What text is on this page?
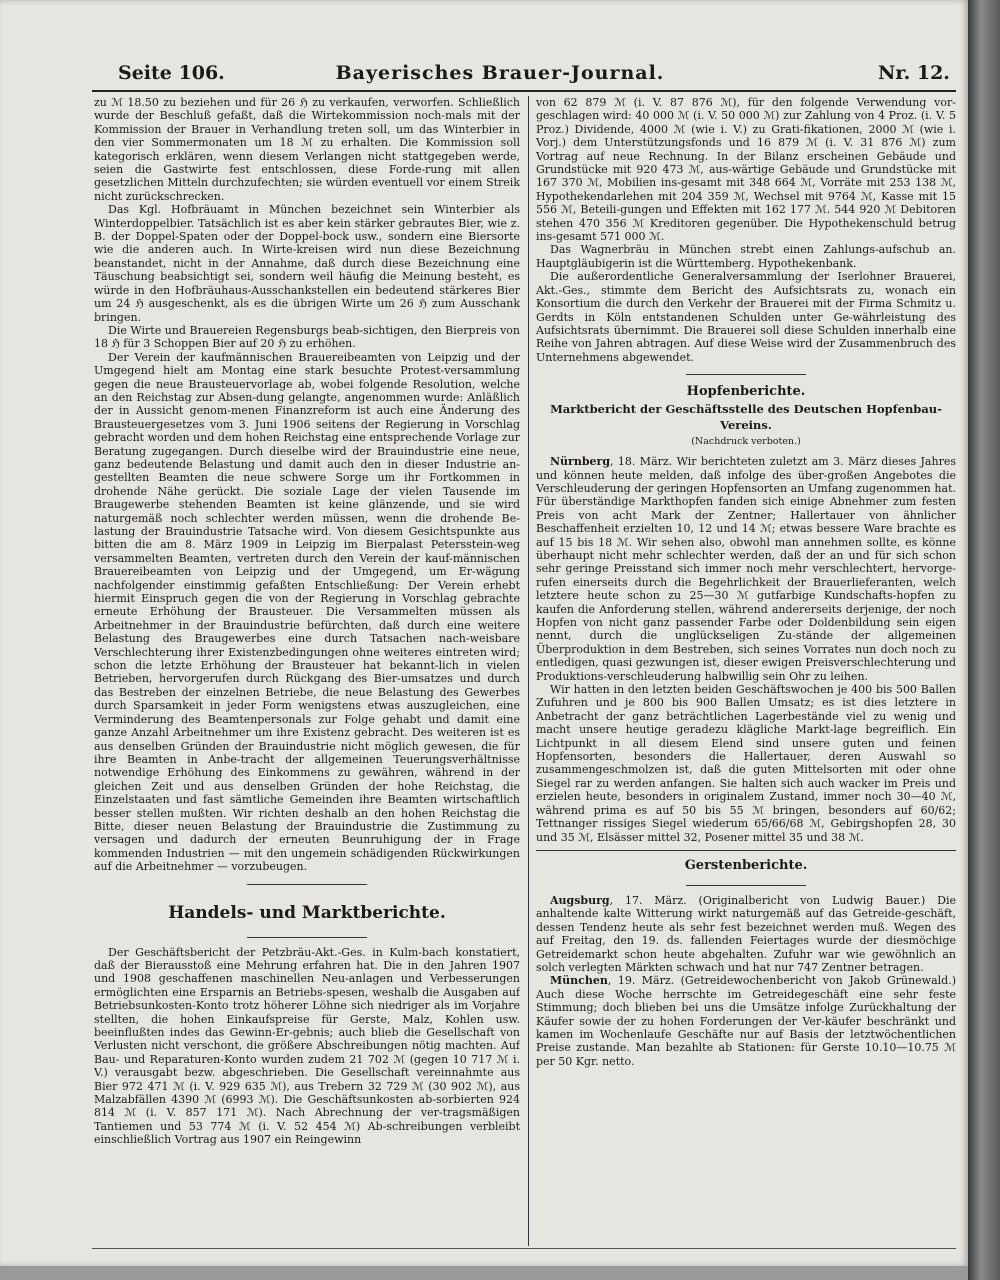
Seite 106.	Bayerisches Brauer-Journal.	Nr. 12.

zu ℳ 18.50 zu beziehen und für 26 ℌ zu verkaufen, verworfen. Schließlich wurde der Beschluß gefaßt, daß die Wirtekommission noch-mals mit der Kommission der Brauer in Verhandlung treten soll, um das Winterbier in den vier Sommermonaten um 18 ℳ zu erhalten. Die Kommission soll kategorisch erklären, wenn diesem Verlangen nicht stattgegeben werde, seien die Gastwirte fest entschlossen, diese Forde-rung mit allen gesetzlichen Mitteln durchzufechten; sie würden eventuell vor einem Streik nicht zurückschrecken.

Das Kgl. Hofbräuamt in München bezeichnet sein Winterbier als Winterdoppelbier. Tatsächlich ist es aber kein stärker gebrautes Bier, wie z. B. der Doppel-Spaten oder der Doppel-bock usw., sondern eine Biersorte wie die anderen auch. In Wirte-kreisen wird nun diese Bezeichnung beanstandet, nicht in der Annahme, daß durch diese Bezeichnung eine Täuschung beabsichtigt sei, sondern weil häufig die Meinung besteht, es würde in den Hofbräuhaus-Ausschankstellen ein bedeutend stärkeres Bier um 24 ℌ ausgeschenkt, als es die übrigen Wirte um 26 ℌ zum Ausschank bringen.

Die Wirte und Brauereien Regensburgs beab-sichtigen, den Bierpreis von 18 ℌ für 3 Schoppen Bier auf 20 ℌ zu erhöhen.

Der Verein der kaufmännischen Brauereibeamten von Leipzig und der Umgegend hielt am Montag eine stark besuchte Protest-versammlung gegen die neue Brausteuervorlage ab, wobei folgende Resolution, welche an den Reichstag zur Absen-dung gelangte, angenommen wurde: Anläßlich der in Aussicht genom-menen Finanzreform ist auch eine Änderung des Brausteuergesetzes vom 3. Juni 1906 seitens der Regierung in Vorschlag gebracht worden und dem hohen Reichstag eine entsprechende Vorlage zur Beratung zugegangen. Durch dieselbe wird der Brauindustrie eine neue, ganz bedeutende Belastung und damit auch den in dieser Industrie an-gestellten Beamten die neue schwere Sorge um ihr Fortkommen in drohende Nähe gerückt. Die soziale Lage der vielen Tausende im Braugewerbe stehenden Beamten ist keine glänzende, und sie wird naturgemäß noch schlechter werden müssen, wenn die drohende Be-lastung der Brauindustrie Tatsache wird. Von diesem Gesichtspunkte aus bitten die am 8. März 1909 in Leipzig im Bierpalast Petersstein-weg versammelten Beamten, vertreten durch den Verein der kauf-männischen Brauereibeamten von Leipzig und der Umgegend, um Er-wägung nachfolgender einstimmig gefaßten Entschließung: Der Verein erhebt hiermit Einspruch gegen die von der Regierung in Vorschlag gebrachte erneute Erhöhung der Brausteuer. Die Versammelten müssen als Arbeitnehmer in der Brauindustrie befürchten, daß durch eine weitere Belastung des Braugewerbes eine durch Tatsachen nach-weisbare Verschlechterung ihrer Existenzbedingungen ohne weiteres eintreten wird; schon die letzte Erhöhung der Brausteuer hat bekannt-lich in vielen Betrieben, hervorgerufen durch Rückgang des Bier-umsatzes und durch das Bestreben der einzelnen Betriebe, die neue Belastung des Gewerbes durch Sparsamkeit in jeder Form wenigstens etwas auszugleichen, eine Verminderung des Beamtenpersonals zur Folge gehabt und damit eine ganze Anzahl Arbeitnehmer um ihre Existenz gebracht. Des weiteren ist es aus denselben Gründen der Brauindustrie nicht möglich gewesen, die für ihre Beamten in Anbe-tracht der allgemeinen Teuerungsverhältnisse notwendige Erhöhung des Einkommens zu gewähren, während in der gleichen Zeit und aus denselben Gründen der hohe Reichstag, die Einzelstaaten und fast sämtliche Gemeinden ihre Beamten wirtschaftlich besser stellen mußten. Wir richten deshalb an den hohen Reichstag die Bitte, dieser neuen Belastung der Brauindustrie die Zustimmung zu versagen und dadurch der erneuten Beunruhigung der in Frage kommenden Industrien — mit den ungemein schädigenden Rückwirkungen auf die Arbeitnehmer — vorzubeugen.

Handels- und Marktberichte.

Der Geschäftsbericht der Petzbräu-Akt.-Ges. in Kulm-bach konstatiert, daß der Bierausstoß eine Mehrung erfahren hat. Die in den Jahren 1907 und 1908 geschaffenen maschinellen Neu-anlagen und Verbesserungen ermöglichten eine Ersparnis an Betriebs-spesen, weshalb die Ausgaben auf Betriebsunkosten-Konto trotz höherer Löhne sich niedriger als im Vorjahre stellten, die hohen Einkaufspreise für Gerste, Malz, Kohlen usw. beeinflußten indes das Gewinn-Er-gebnis; auch blieb die Gesellschaft von Verlusten nicht verschont, die größere Abschreibungen nötig machten. Auf Bau- und Reparaturen-Konto wurden zudem 21 702 ℳ (gegen 10 717 ℳ i. V.) verausgabt bezw. abgeschrieben. Die Gesellschaft vereinnahmte aus Bier 972 471 ℳ (i. V. 929 635 ℳ), aus Trebern 32 729 ℳ (30 902 ℳ), aus Malzabfällen 4390 ℳ (6993 ℳ). Die Geschäftsunkosten ab-sorbierten 924 814 ℳ (i. V. 857 171 ℳ). Nach Abrechnung der ver-tragsmäßigen Tantiemen und 53 774 ℳ (i. V. 52 454 ℳ) Ab-schreibungen verbleibt einschließlich Vortrag aus 1907 ein Reingewinn

von 62 879 ℳ (i. V. 87 876 ℳ), für den folgende Verwendung vor-geschlagen wird: 40 000 ℳ (i. V. 50 000 ℳ) zur Zahlung von 4 Proz. (i. V. 5 Proz.) Dividende, 4000 ℳ (wie i. V.) zu Grati-fikationen, 2000 ℳ (wie i. Vorj.) dem Unterstützungsfonds und 16 879 ℳ (i. V. 31 876 ℳ) zum Vortrag auf neue Rechnung. In der Bilanz erscheinen Gebäude und Grundstücke mit 920 473 ℳ, aus-wärtige Gebäude und Grundstücke mit 167 370 ℳ, Mobilien ins-gesamt mit 348 664 ℳ, Vorräte mit 253 138 ℳ, Hypothekendarlehen mit 204 359 ℳ, Wechsel mit 9764 ℳ, Kasse mit 15 556 ℳ, Beteili-gungen und Effekten mit 162 177 ℳ. 544 920 ℳ Debitoren stehen 470 356 ℳ Kreditoren gegenüber. Die Hypothekenschuld betrug ins-gesamt 571 000 ℳ.

Das Wagnerbräu in München strebt einen Zahlungs-aufschub an. Hauptgläubigerin ist die Württemberg. Hypothekenbank.

Die außerordentliche Generalversammlung der Iserlohner Brauerei, Akt.-Ges., stimmte dem Bericht des Aufsichtsrats zu, wonach ein Konsortium die durch den Verkehr der Brauerei mit der Firma Schmitz u. Gerdts in Köln entstandenen Schulden unter Ge-währleistung des Aufsichtsrats übernimmt. Die Brauerei soll diese Schulden innerhalb eine Reihe von Jahren abtragen. Auf diese Weise wird der Zusammenbruch des Unternehmens abgewendet.

Hopfenberichte.
Marktbericht der Geschäftsstelle des Deutschen Hopfenbau-Vereins.
(Nachdruck verboten.)

Nürnberg, 18. März. Wir berichteten zuletzt am 3. März dieses Jahres und können heute melden, daß infolge des über-großen Angebotes die Verschleuderung der geringen Hopfensorten an Umfang zugenommen hat. Für überständige Markthopfen fanden sich einige Abnehmer zum festen Preis von acht Mark der Zentner; Hallertauer von ähnlicher Beschaffenheit erzielten 10, 12 und 14 ℳ; etwas bessere Ware brachte es auf 15 bis 18 ℳ. Wir sehen also, obwohl man annehmen sollte, es könne überhaupt nicht mehr schlechter werden, daß der an und für sich schon sehr geringe Preisstand sich immer noch mehr verschlechtert, hervorge-rufen einerseits durch die Begehrlichkeit der Brauerlieferanten, welch letztere heute schon zu 25—30 ℳ gutfarbige Kundschafts-hopfen zu kaufen die Anforderung stellen, während andererseits derjenige, der noch Hopfen von nicht ganz passender Farbe oder Doldenbildung sein eigen nennt, durch die unglückseligen Zu-stände der allgemeinen Überproduktion in dem Bestreben, sich seines Vorrates nun doch noch zu entledigen, quasi gezwungen ist, dieser ewigen Preisverschlechterung und Produktions-verschleuderung halbwillig sein Ohr zu leihen.

Wir hatten in den letzten beiden Geschäftswochen je 400 bis 500 Ballen Zufuhren und je 800 bis 900 Ballen Umsatz; es ist dies letztere in Anbetracht der ganz beträchtlichen Lagerbestände viel zu wenig und macht unsere heutige geradezu klägliche Markt-lage begreiflich. Ein Lichtpunkt in all diesem Elend sind unsere guten und feinen Hopfensorten, besonders die Hallertauer, deren Auswahl so zusammengeschmolzen ist, daß die guten Mittelsorten mit oder ohne Siegel rar zu werden anfangen. Sie halten sich auch wacker im Preis und erzielen heute, besonders in originalem Zustand, immer noch 30—40 ℳ, während prima es auf 50 bis 55 ℳ bringen, besonders auf 60/62; Tettnanger rissiges Siegel wiederum 65/66/68 ℳ, Gebirgshopfen 28, 30 und 35 ℳ, Elsässer mittel 32, Posener mittel 35 und 38 ℳ.

Gerstenberichte.

Augsburg, 17. März. (Originalbericht von Ludwig Bauer.) Die anhaltende kalte Witterung wirkt naturgemäß auf das Getreide-geschäft, dessen Tendenz heute als sehr fest bezeichnet werden muß. Wegen des auf Freitag, den 19. ds. fallenden Feiertages wurde der diesmöchige Getreidemarkt schon heute abgehalten. Zufuhr war wie gewöhnlich an solch verlegten Märkten schwach und hat nur 747 Zentner betragen.

München, 19. März. (Getreidewochenbericht von Jakob Grünewald.) Auch diese Woche herrschte im Getreidegeschäft eine sehr feste Stimmung; doch blieben bei uns die Umsätze infolge Zurückhaltung der Käufer sowie der zu hohen Forderungen der Ver-käufer beschränkt und kamen im Wochenlaufe Geschäfte nur auf Basis der letztwöchentlichen Preise zustande. Man bezahlte ab Stationen: für Gerste 10.10—10.75 ℳ per 50 Kgr. netto.
